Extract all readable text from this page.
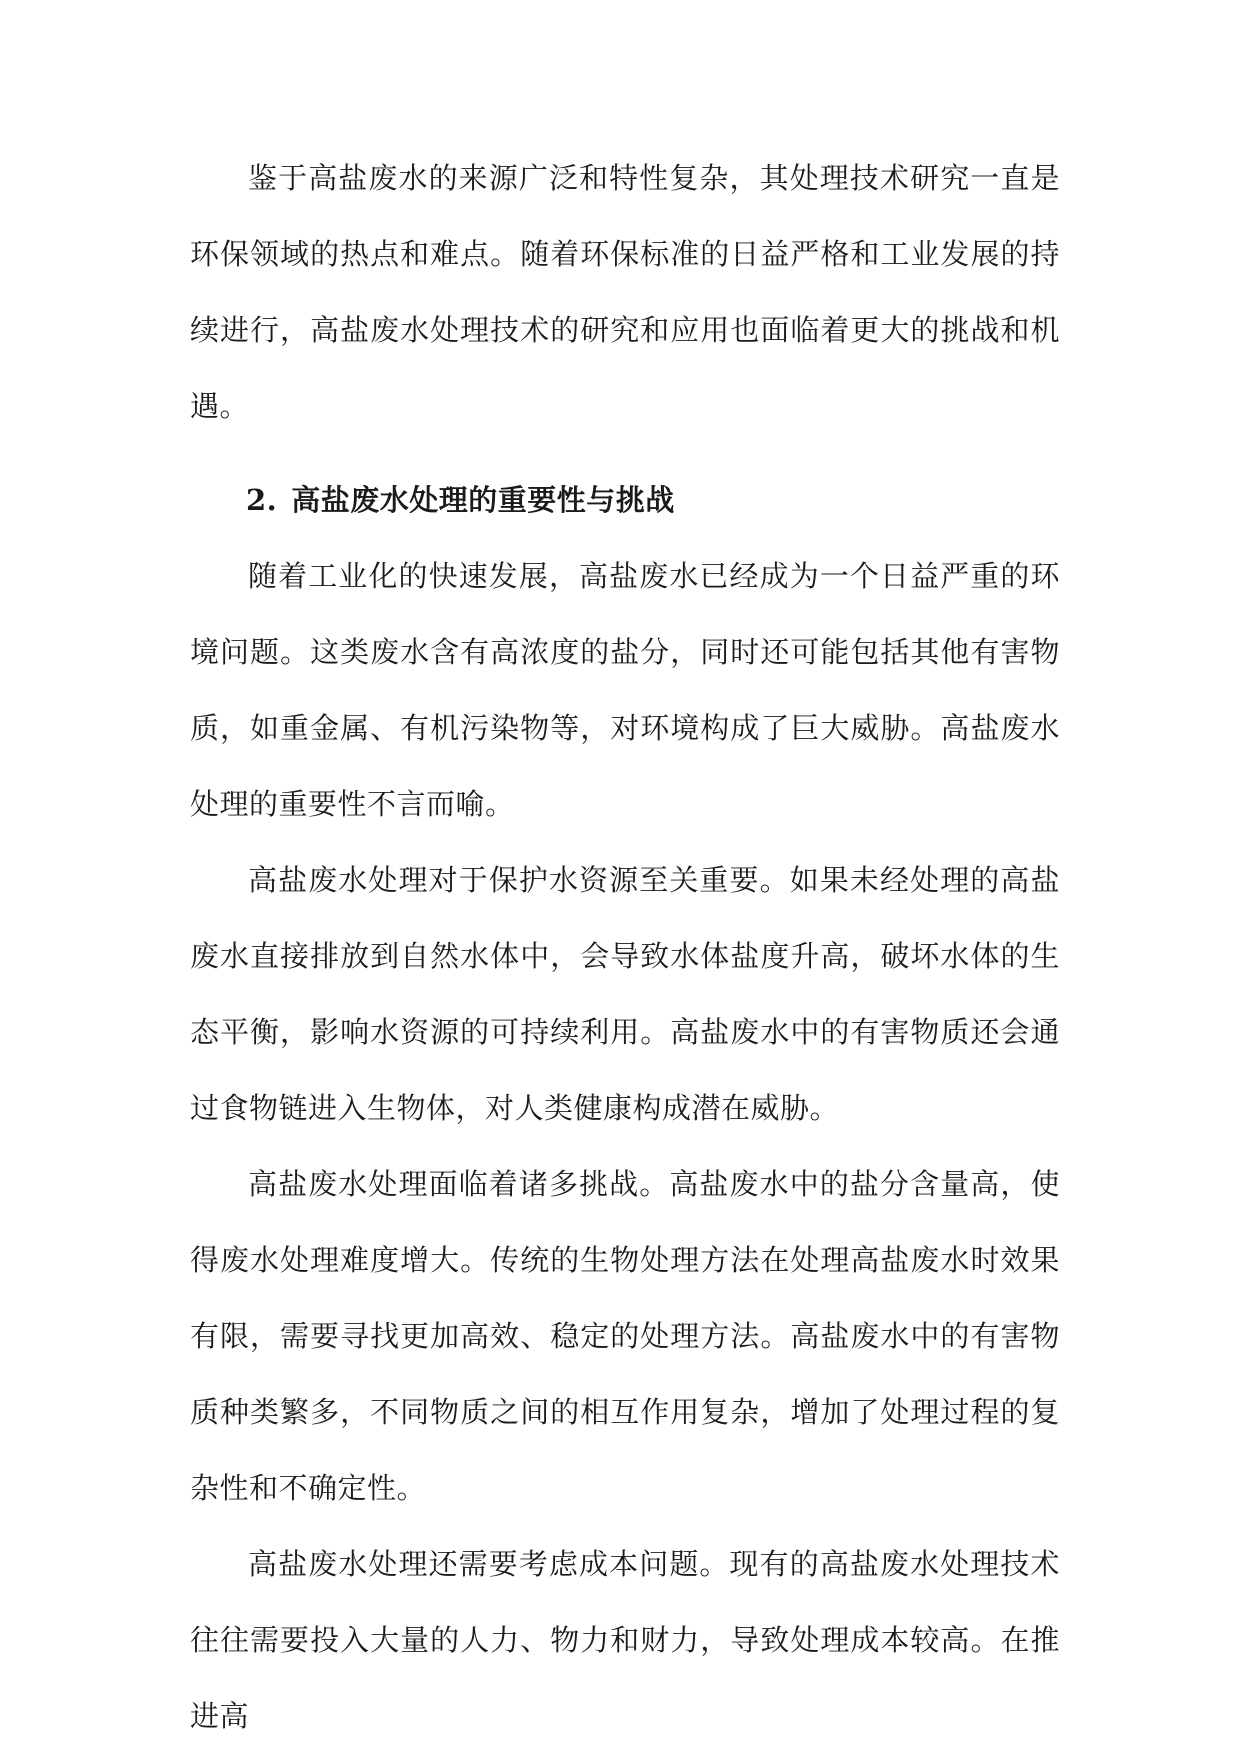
鉴于高盐废水的来源广泛和特性复杂，其处理技术研究一直是环保领域的热点和难点。随着环保标准的日益严格和工业发展的持续进行，高盐废水处理技术的研究和应用也面临着更大的挑战和机遇。

2. 高盐废水处理的重要性与挑战

随着工业化的快速发展，高盐废水已经成为一个日益严重的环境问题。这类废水含有高浓度的盐分，同时还可能包括其他有害物质，如重金属、有机污染物等，对环境构成了巨大威胁。高盐废水处理的重要性不言而喻。

高盐废水处理对于保护水资源至关重要。如果未经处理的高盐废水直接排放到自然水体中，会导致水体盐度升高，破坏水体的生态平衡，影响水资源的可持续利用。高盐废水中的有害物质还会通过食物链进入生物体，对人类健康构成潜在威胁。

高盐废水处理面临着诸多挑战。高盐废水中的盐分含量高，使得废水处理难度增大。传统的生物处理方法在处理高盐废水时效果有限，需要寻找更加高效、稳定的处理方法。高盐废水中的有害物质种类繁多，不同物质之间的相互作用复杂，增加了处理过程的复杂性和不确定性。

高盐废水处理还需要考虑成本问题。现有的高盐废水处理技术往往需要投入大量的人力、物力和财力，导致处理成本较高。在推进高
